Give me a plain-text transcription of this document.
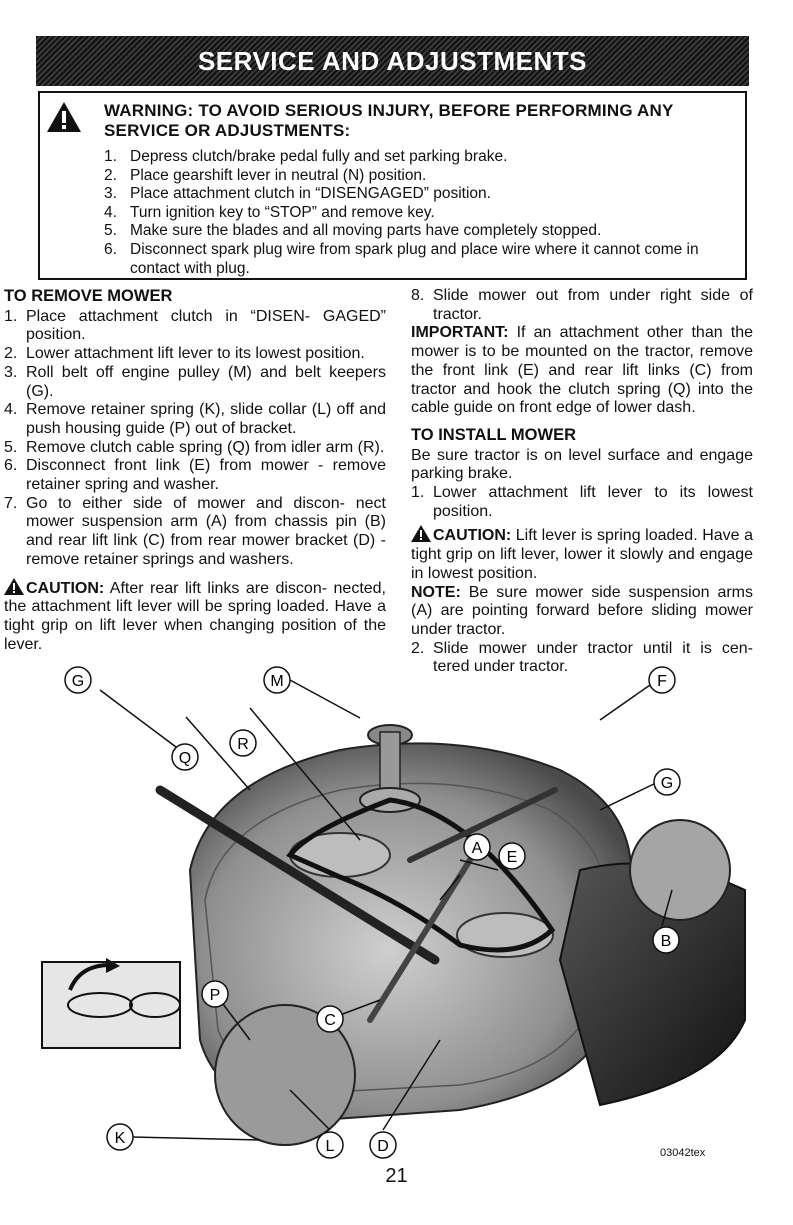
SERVICE AND ADJUSTMENTS
WARNING: TO AVOID SERIOUS INJURY, BEFORE PERFORMING ANY SERVICE OR ADJUSTMENTS:
1. Depress clutch/brake pedal fully and set parking brake.
2. Place gearshift lever in neutral (N) position.
3. Place attachment clutch in “DISENGAGED” position.
4. Turn ignition key to “STOP” and remove key.
5. Make sure the blades and all moving parts have completely stopped.
6. Disconnect spark plug wire from spark plug and place wire where it cannot come in contact with plug.
TO REMOVE MOWER
1. Place attachment clutch in “DISEN- GAGED” position.
2. Lower attachment lift lever to its lowest position.
3. Roll belt off engine pulley (M) and belt keepers (G).
4. Remove retainer spring (K), slide collar (L) off and push housing guide (P) out of bracket.
5. Remove clutch cable spring (Q) from idler arm (R).
6. Disconnect front link (E) from mower - remove retainer spring and washer.
7. Go to either side of mower and discon- nect mower suspension arm (A) from chassis pin (B) and rear lift link (C) from rear mower bracket (D) - remove retainer springs and washers.

CAUTION: After rear lift links are discon- nected, the attachment lift lever will be spring loaded. Have a tight grip on lift lever when changing position of the lever.

8. Slide mower out from under right side of tractor.

IMPORTANT: If an attachment other than the mower is to be mounted on the tractor, remove the front link (E) and rear lift links (C) from tractor and hook the clutch spring (Q) into the cable guide on front edge of lower dash.

TO INSTALL MOWER

Be sure tractor is on level surface and engage parking brake.

1. Lower attachment lift lever to its lowest position.

CAUTION: Lift lever is spring loaded. Have a tight grip on lift lever, lower it slowly and engage in lowest position.

NOTE: Be sure mower side suspension arms (A) are pointing forward before sliding mower under tractor.

2. Slide mower under tractor until it is cen- tered under tractor.
G	M	F
G
Q
R
A
E
B
P
C
K	L	D	03042tex
21
